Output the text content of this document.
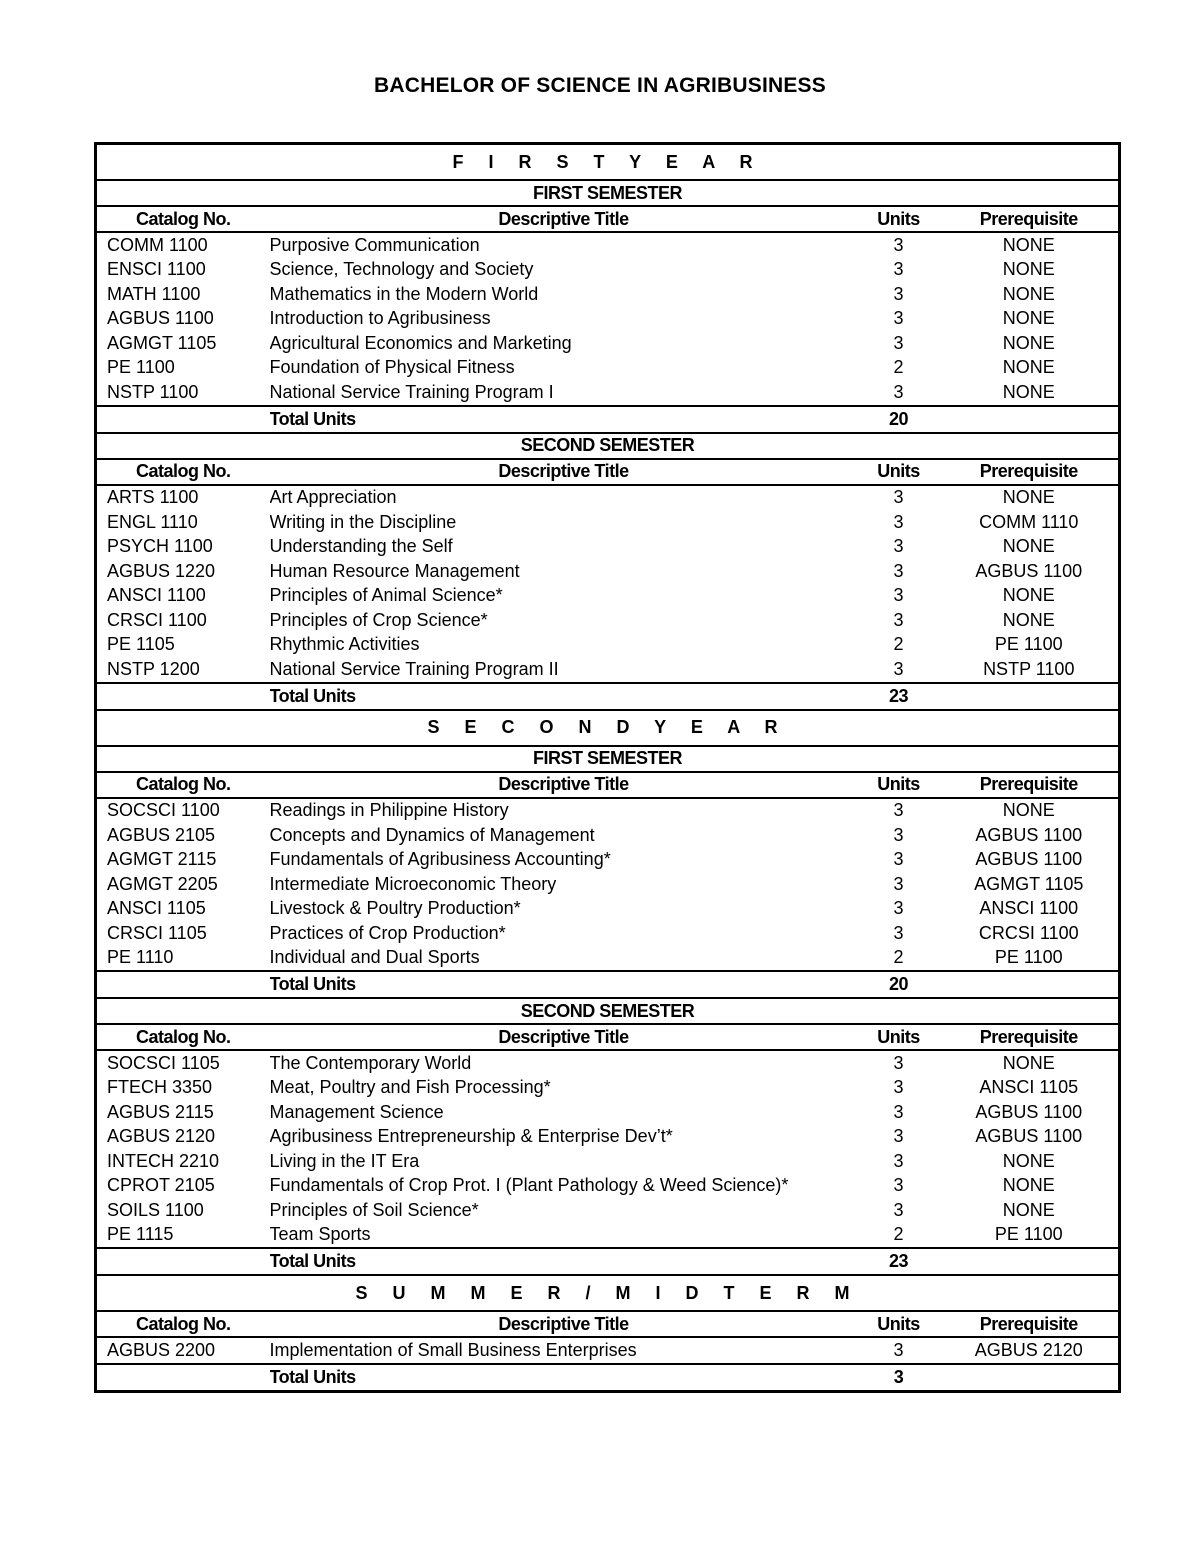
BACHELOR OF SCIENCE IN AGRIBUSINESS
F I R S T Y E A R			
FIRST SEMESTER			
Catalog No.	Descriptive Title	Units	Prerequisite
COMM 1100	Purposive Communication	3	NONE
ENSCI 1100	Science, Technology and Society	3	NONE
MATH 1100	Mathematics in the Modern World	3	NONE
AGBUS 1100	Introduction to Agribusiness	3	NONE
AGMGT 1105	Agricultural Economics and Marketing	3	NONE
PE 1100	Foundation of Physical Fitness	2	NONE
NSTP 1100	National Service Training Program I	3	NONE
	Total Units	20	
SECOND SEMESTER			
Catalog No.	Descriptive Title	Units	Prerequisite
ARTS 1100	Art Appreciation	3	NONE
ENGL 1110	Writing in the Discipline	3	COMM 1110
PSYCH 1100	Understanding the Self	3	NONE
AGBUS 1220	Human Resource Management	3	AGBUS 1100
ANSCI 1100	Principles of Animal Science*	3	NONE
CRSCI 1100	Principles of Crop Science*	3	NONE
PE 1105	Rhythmic Activities	2	PE 1100
NSTP 1200	National Service Training Program II	3	NSTP 1100
	Total Units	23	
S E C O N D Y E A R			
FIRST SEMESTER			
Catalog No.	Descriptive Title	Units	Prerequisite
SOCSCI 1100	Readings in Philippine History	3	NONE
AGBUS 2105	Concepts and Dynamics of Management	3	AGBUS 1100
AGMGT 2115	Fundamentals of Agribusiness Accounting*	3	AGBUS 1100
AGMGT 2205	Intermediate Microeconomic Theory	3	AGMGT 1105
ANSCI 1105	Livestock & Poultry Production*	3	ANSCI 1100
CRSCI 1105	Practices of Crop Production*	3	CRCSI 1100
PE 1110	Individual and Dual Sports	2	PE 1100
	Total Units	20	
SECOND SEMESTER			
Catalog No.	Descriptive Title	Units	Prerequisite
SOCSCI 1105	The Contemporary World	3	NONE
FTECH 3350	Meat, Poultry and Fish Processing*	3	ANSCI 1105
AGBUS 2115	Management Science	3	AGBUS 1100
AGBUS 2120	Agribusiness Entrepreneurship & Enterprise Dev’t*	3	AGBUS 1100
INTECH 2210	Living in the IT Era	3	NONE
CPROT 2105	Fundamentals of Crop Prot. I (Plant Pathology & Weed Science)*	3	NONE
SOILS 1100	Principles of Soil Science*	3	NONE
PE 1115	Team Sports	2	PE 1100
	Total Units	23	
S U M M E R / M I D T E R M			
Catalog No.	Descriptive Title	Units	Prerequisite
AGBUS 2200	Implementation of Small Business Enterprises	3	AGBUS 2120
	Total Units	3	
